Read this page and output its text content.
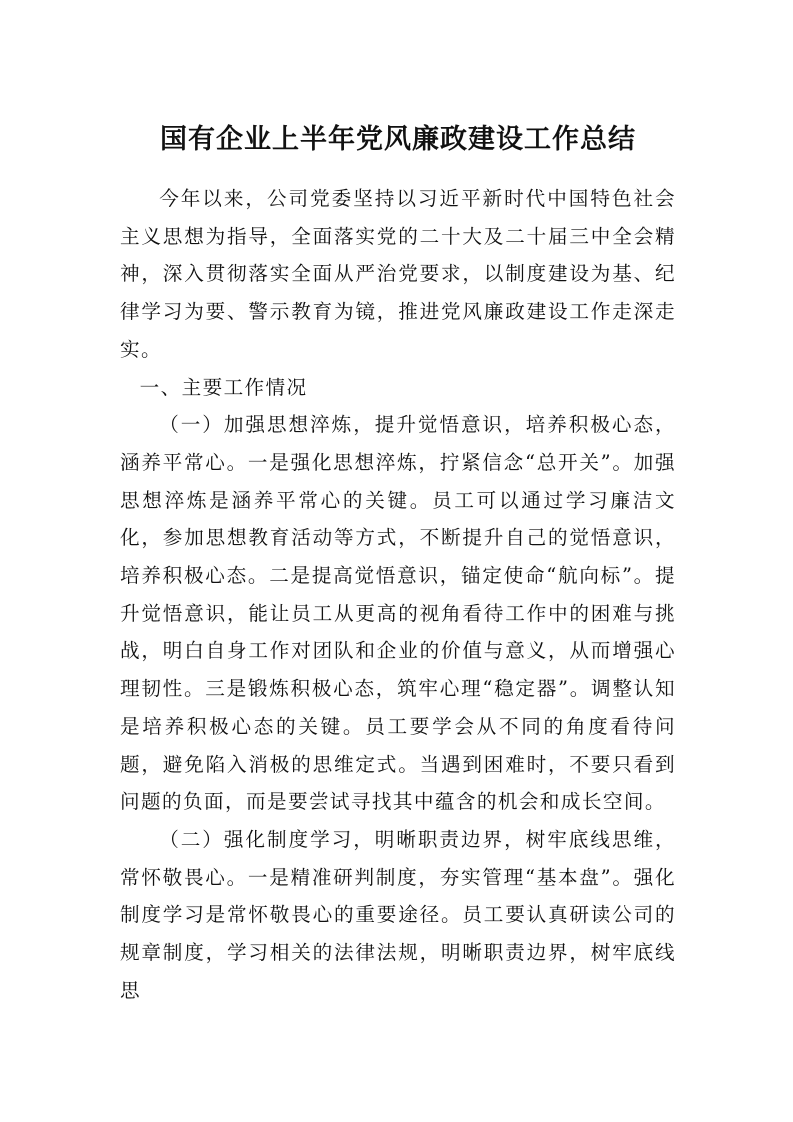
国有企业上半年党风廉政建设工作总结

今年以来，公司党委坚持以习近平新时代中国特色社会主义思想为指导，全面落实党的二十大及二十届三中全会精神，深入贯彻落实全面从严治党要求，以制度建设为基、纪律学习为要、警示教育为镜，推进党风廉政建设工作走深走实。

一、主要工作情况

（一）加强思想淬炼，提升觉悟意识，培养积极心态，涵养平常心。一是强化思想淬炼，拧紧信念“总开关”。加强思想淬炼是涵养平常心的关键。员工可以通过学习廉洁文化，参加思想教育活动等方式，不断提升自己的觉悟意识，培养积极心态。二是提高觉悟意识，锚定使命“航向标”。提升觉悟意识，能让员工从更高的视角看待工作中的困难与挑战，明白自身工作对团队和企业的价值与意义，从而增强心理韧性。三是锻炼积极心态，筑牢心理“稳定器”。调整认知是培养积极心态的关键。员工要学会从不同的角度看待问题，避免陷入消极的思维定式。当遇到困难时，不要只看到问题的负面，而是要尝试寻找其中蕴含的机会和成长空间。

（二）强化制度学习，明晰职责边界，树牢底线思维，常怀敬畏心。一是精准研判制度，夯实管理“基本盘”。强化制度学习是常怀敬畏心的重要途径。员工要认真研读公司的规章制度，学习相关的法律法规，明晰职责边界，树牢底线思
